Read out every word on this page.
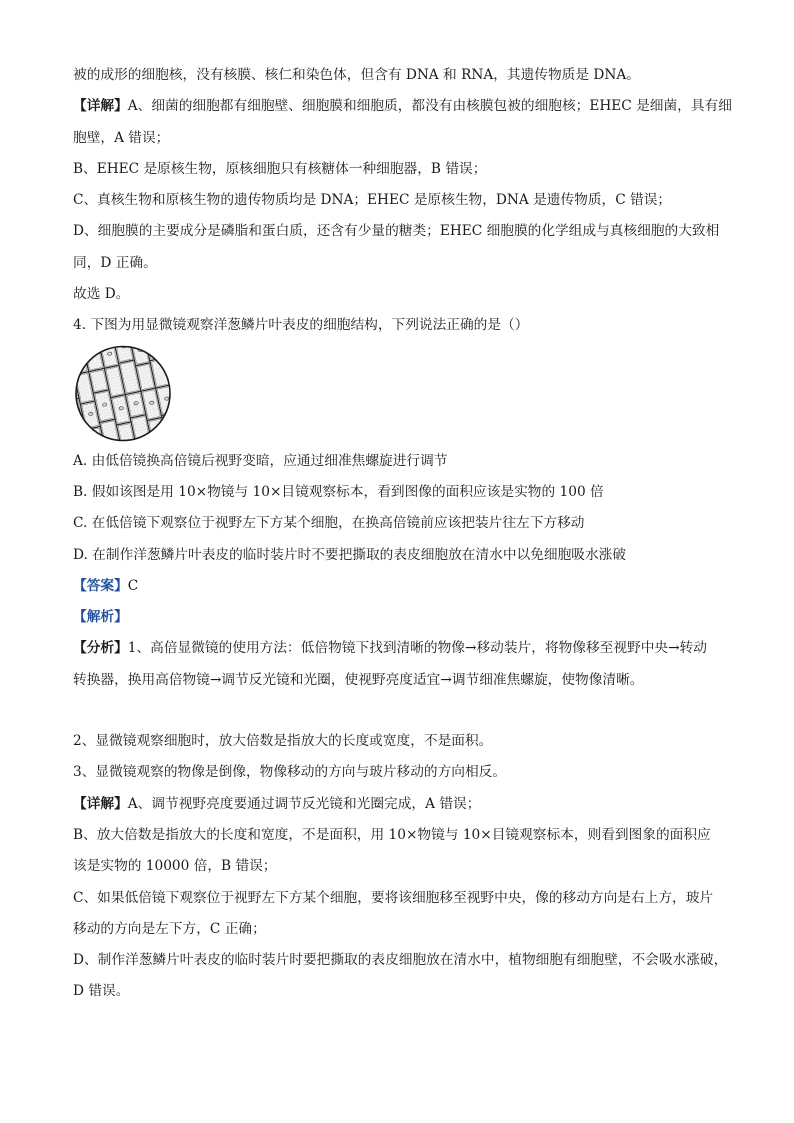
被的成形的细胞核，没有核膜、核仁和染色体，但含有 DNA 和 RNA，其遗传物质是 DNA。
【详解】A、细菌的细胞都有细胞壁、细胞膜和细胞质，都没有由核膜包被的细胞核；EHEC 是细菌，具有细
胞壁，A 错误；
B、EHEC 是原核生物，原核细胞只有核糖体一种细胞器，B 错误；
C、真核生物和原核生物的遗传物质均是 DNA；EHEC 是原核生物，DNA 是遗传物质，C 错误；
D、细胞膜的主要成分是磷脂和蛋白质，还含有少量的糖类；EHEC 细胞膜的化学组成与真核细胞的大致相
同，D 正确。
故选 D。
4. 下图为用显微镜观察洋葱鳞片叶表皮的细胞结构，下列说法正确的是（）
A. 由低倍镜换高倍镜后视野变暗，应通过细准焦螺旋进行调节
B. 假如该图是用 10×物镜与 10×目镜观察标本，看到图像的面积应该是实物的 100 倍
C. 在低倍镜下观察位于视野左下方某个细胞，在换高倍镜前应该把装片往左下方移动
D. 在制作洋葱鳞片叶表皮的临时装片时不要把撕取的表皮细胞放在清水中以免细胞吸水涨破
【答案】C
【解析】
【分析】1、高倍显微镜的使用方法：低倍物镜下找到清晰的物像→移动装片，将物像移至视野中央→转动
转换器，换用高倍物镜→调节反光镜和光圈，使视野亮度适宜→调节细准焦螺旋，使物像清晰。
2、显微镜观察细胞时，放大倍数是指放大的长度或宽度，不是面积。
3、显微镜观察的物像是倒像，物像移动的方向与玻片移动的方向相反。
【详解】A、调节视野亮度要通过调节反光镜和光圈完成，A 错误；
B、放大倍数是指放大的长度和宽度，不是面积，用 10×物镜与 10×目镜观察标本，则看到图象的面积应
该是实物的 10000 倍，B 错误；
C、如果低倍镜下观察位于视野左下方某个细胞，要将该细胞移至视野中央，像的移动方向是右上方，玻片
移动的方向是左下方，C 正确；
D、制作洋葱鳞片叶表皮的临时装片时要把撕取的表皮细胞放在清水中，植物细胞有细胞壁，不会吸水涨破，
D 错误。
